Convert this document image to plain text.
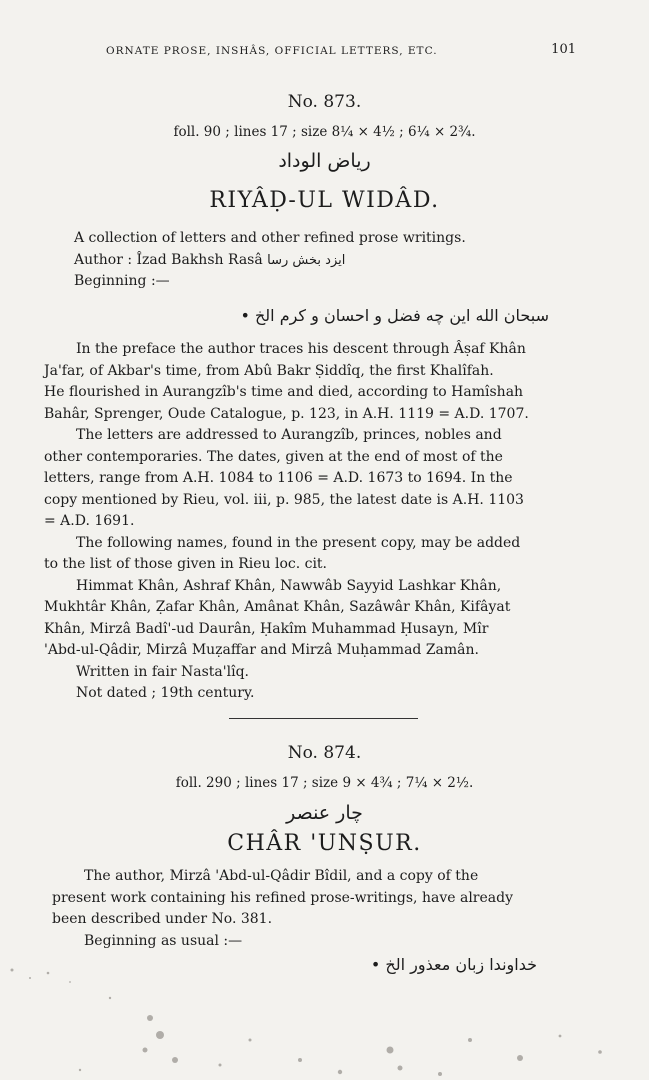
ORNATE PROSE, INSHÂS, OFFICIAL LETTERS, ETC.	101
No. 873.
foll. 90 ; lines 17 ; size 8¼ × 4½ ; 6¼ × 2¾.
رياض الوداد
RIYÂḌ-UL WIDÂD.
A collection of letters and other refined prose writings.
Author : Îzad Bakhsh Rasâ ايزد بخش رسا
Beginning :—
سبحان الله اين چه فضل و احسان و كرم الخ •

In the preface the author traces his descent through Âṣaf Khân
Ja'far, of Akbar's time, from Abû Bakr Ṣiddîq, the first Khalîfah.
He flourished in Aurangzîb's time and died, according to Hamîshah
Bahâr, Sprenger, Oude Catalogue, p. 123, in A.H. 1119 = A.D. 1707.

The letters are addressed to Aurangzîb, princes, nobles and
other contemporaries. The dates, given at the end of most of the
letters, range from A.H. 1084 to 1106 = A.D. 1673 to 1694. In the
copy mentioned by Rieu, vol. iii, p. 985, the latest date is A.H. 1103
= A.D. 1691.

The following names, found in the present copy, may be added
to the list of those given in Rieu loc. cit.

Himmat Khân, Ashraf Khân, Nawwâb Sayyid Lashkar Khân,
Mukhtâr Khân, Ẓafar Khân, Amânat Khân, Sazâwâr Khân, Kifâyat
Khân, Mirzâ Badî'-ud Daurân, Ḥakîm Muhammad Ḥusayn, Mîr
'Abd-ul-Qâdir, Mirzâ Muẓaffar and Mirzâ Muḥammad Zamân.

Written in fair Nasta'lîq.

Not dated ; 19th century.

No. 874.
foll. 290 ; lines 17 ; size 9 × 4¾ ; 7¼ × 2½.
چار عنصر
CHÂR 'UNṢUR.

The author, Mirzâ 'Abd-ul-Qâdir Bîdil, and a copy of the
present work containing his refined prose-writings, have already
been described under No. 381.

Beginning as usual :—

خداوندا زبان معذور الخ •
